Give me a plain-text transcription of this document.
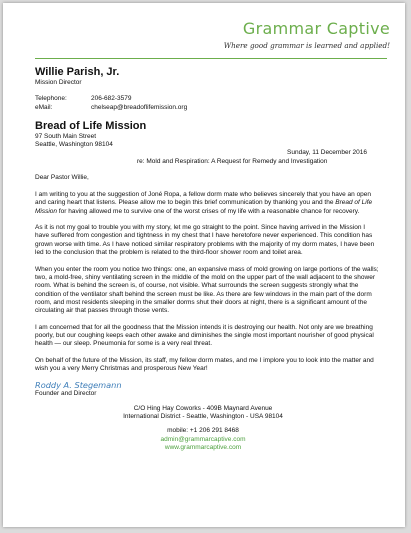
Grammar Captive
Where good grammar is learned and applied!
Willie Parish, Jr.
Mission Director
Telephone:	206-682-3579
eMail:	chelseap@breadoflifemission.org
Bread of Life Mission
97 South Main Street
Seattle, Washington 98104
Sunday, 11 December 2016
re: Mold and Respiration: A Request for Remedy and Investigation
Dear Pastor Willie,
I am writing to you at the suggestion of Joné Ropa, a fellow dorm mate who believes sincerely that you have an open and caring heart that listens. Please allow me to begin this brief communication by thanking you and the Bread of Life Mission for having allowed me to survive one of the worst crises of my life with a reasonable chance for recovery.
As it is not my goal to trouble you with my story, let me go straight to the point. Since having arrived in the Mission I have suffered from congestion and tightness in my chest that I have heretofore never experienced. This condition has grown worse with time. As I have noticed similar respiratory problems with the majority of my dorm mates, I have been led to the conclusion that the problem is related to the third-floor shower room and toilet area.
When you enter the room you notice two things: one, an expansive mass of mold growing on large portions of the walls; two, a mold-free, shiny ventilating screen in the middle of the mold on the upper part of the wall adjacent to the shower room. What is behind the screen is, of course, not visible. What surrounds the screen suggests strongly what the condition of the ventilator shaft behind the screen must be like. As there are few windows in the main part of the dorm room, and most residents sleeping in the smaller dorms shut their doors at night, there is a significant amount of the circulating air that passes through those vents.
I am concerned that for all the goodness that the Mission intends it is destroying our health. Not only are we breathing poorly, but our coughing keeps each other awake and diminishes the single most important nourisher of good physical health — our sleep. Pneumonia for some is a very real threat.
On behalf of the future of the Mission, its staff, my fellow dorm mates, and me I implore you to look into the matter and wish you a very Merry Christmas and prosperous New Year!
Roddy A. Stegemann
Founder and Director
C/O Hing Hay Coworks - 409B Maynard Avenue
International District - Seattle, Washington - USA 98104
mobile: +1 206 291 8468
admin@grammarcaptive.com
www.grammarcaptive.com
